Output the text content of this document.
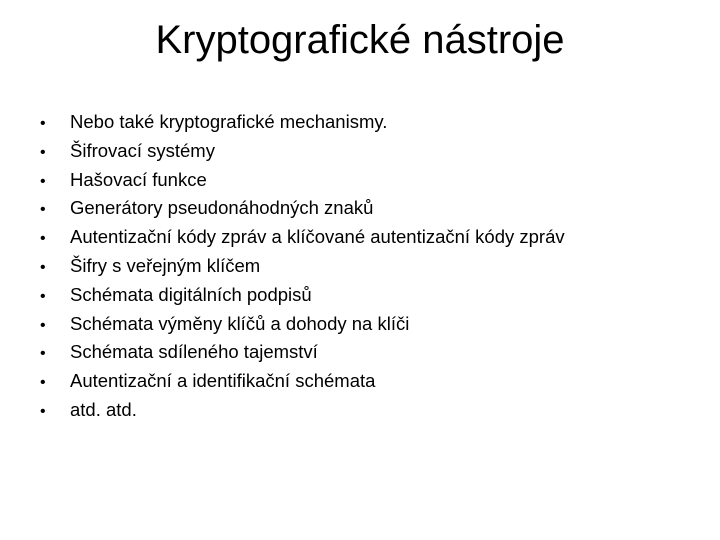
Kryptografické nástroje
•	Nebo také kryptografické mechanismy.
•	Šifrovací systémy
•	Hašovací funkce
•	Generátory pseudonáhodných znaků
•	Autentizační kódy zpráv a klíčované autentizační kódy zpráv
•	Šifry s veřejným klíčem
•	Schémata digitálních podpisů
•	Schémata výměny klíčů a dohody na klíči
•	Schémata sdíleného tajemství
•	Autentizační a identifikační schémata
•	atd. atd.
